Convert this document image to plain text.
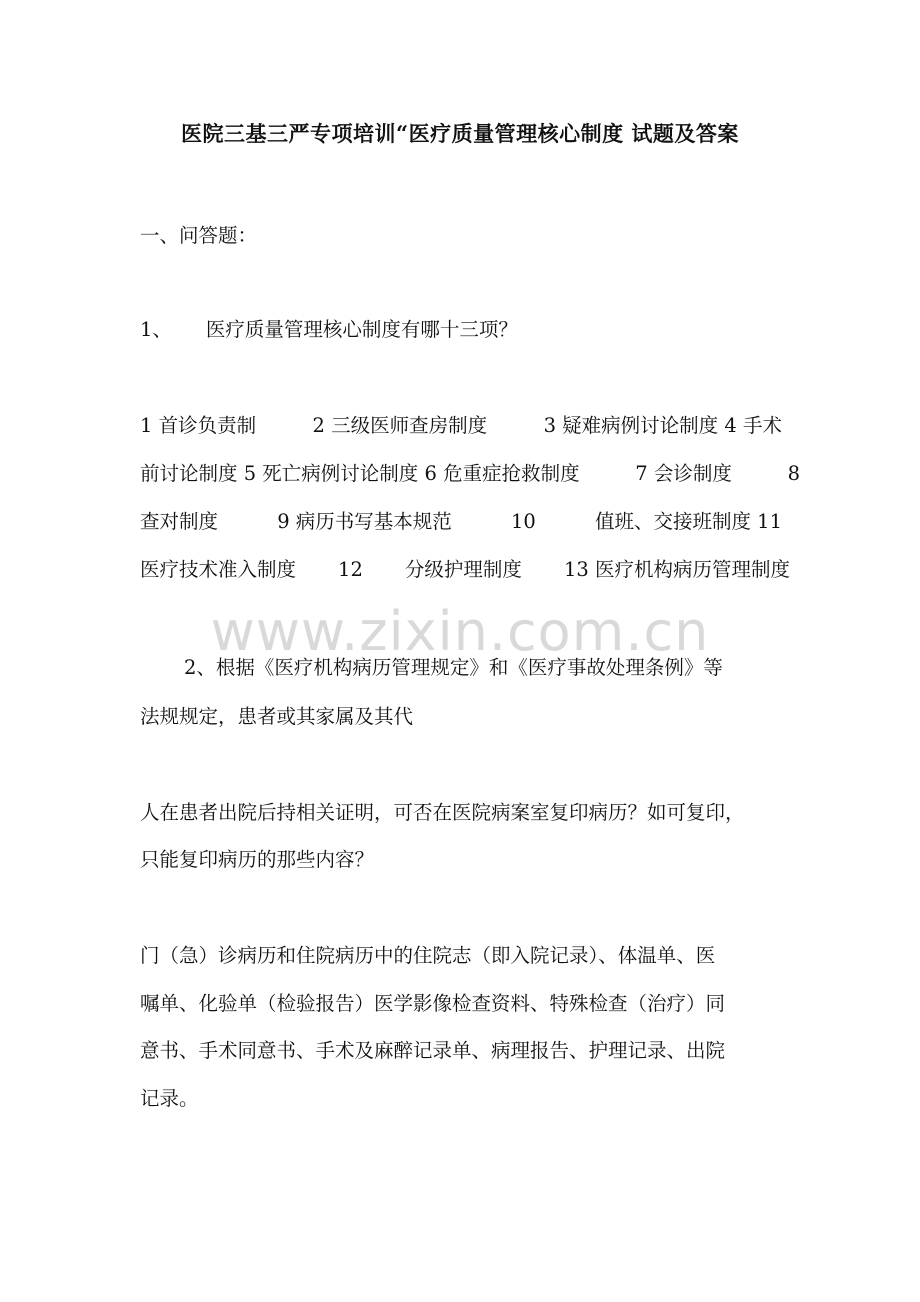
医院三基三严专项培训“医疗质量管理核心制度 试题及答案
一、问答题：
1、 医疗质量管理核心制度有哪十三项？
1 首诊负责制	2 三级医师查房制度	3 疑难病例讨论制度 4 手术
前讨论制度 5 死亡病例讨论制度 6 危重症抢救制度	7 会诊制度	8
查对制度	9 病历书写基本规范	10	值班、交接班制度 11
医疗技术准入制度 12 分级护理制度 13 医疗机构病历管理制度
www.zixin.com.cn
2、根据《医疗机构病历管理规定》和《医疗事故处理条例》等
法规规定，患者或其家属及其代
人在患者出院后持相关证明，可否在医院病案室复印病历？如可复印，
只能复印病历的那些内容？
门（急）诊病历和住院病历中的住院志（即入院记录）、体温单、医
嘱单、化验单（检验报告）医学影像检查资料、特殊检查（治疗）同
意书、手术同意书、手术及麻醉记录单、病理报告、护理记录、出院
记录。
